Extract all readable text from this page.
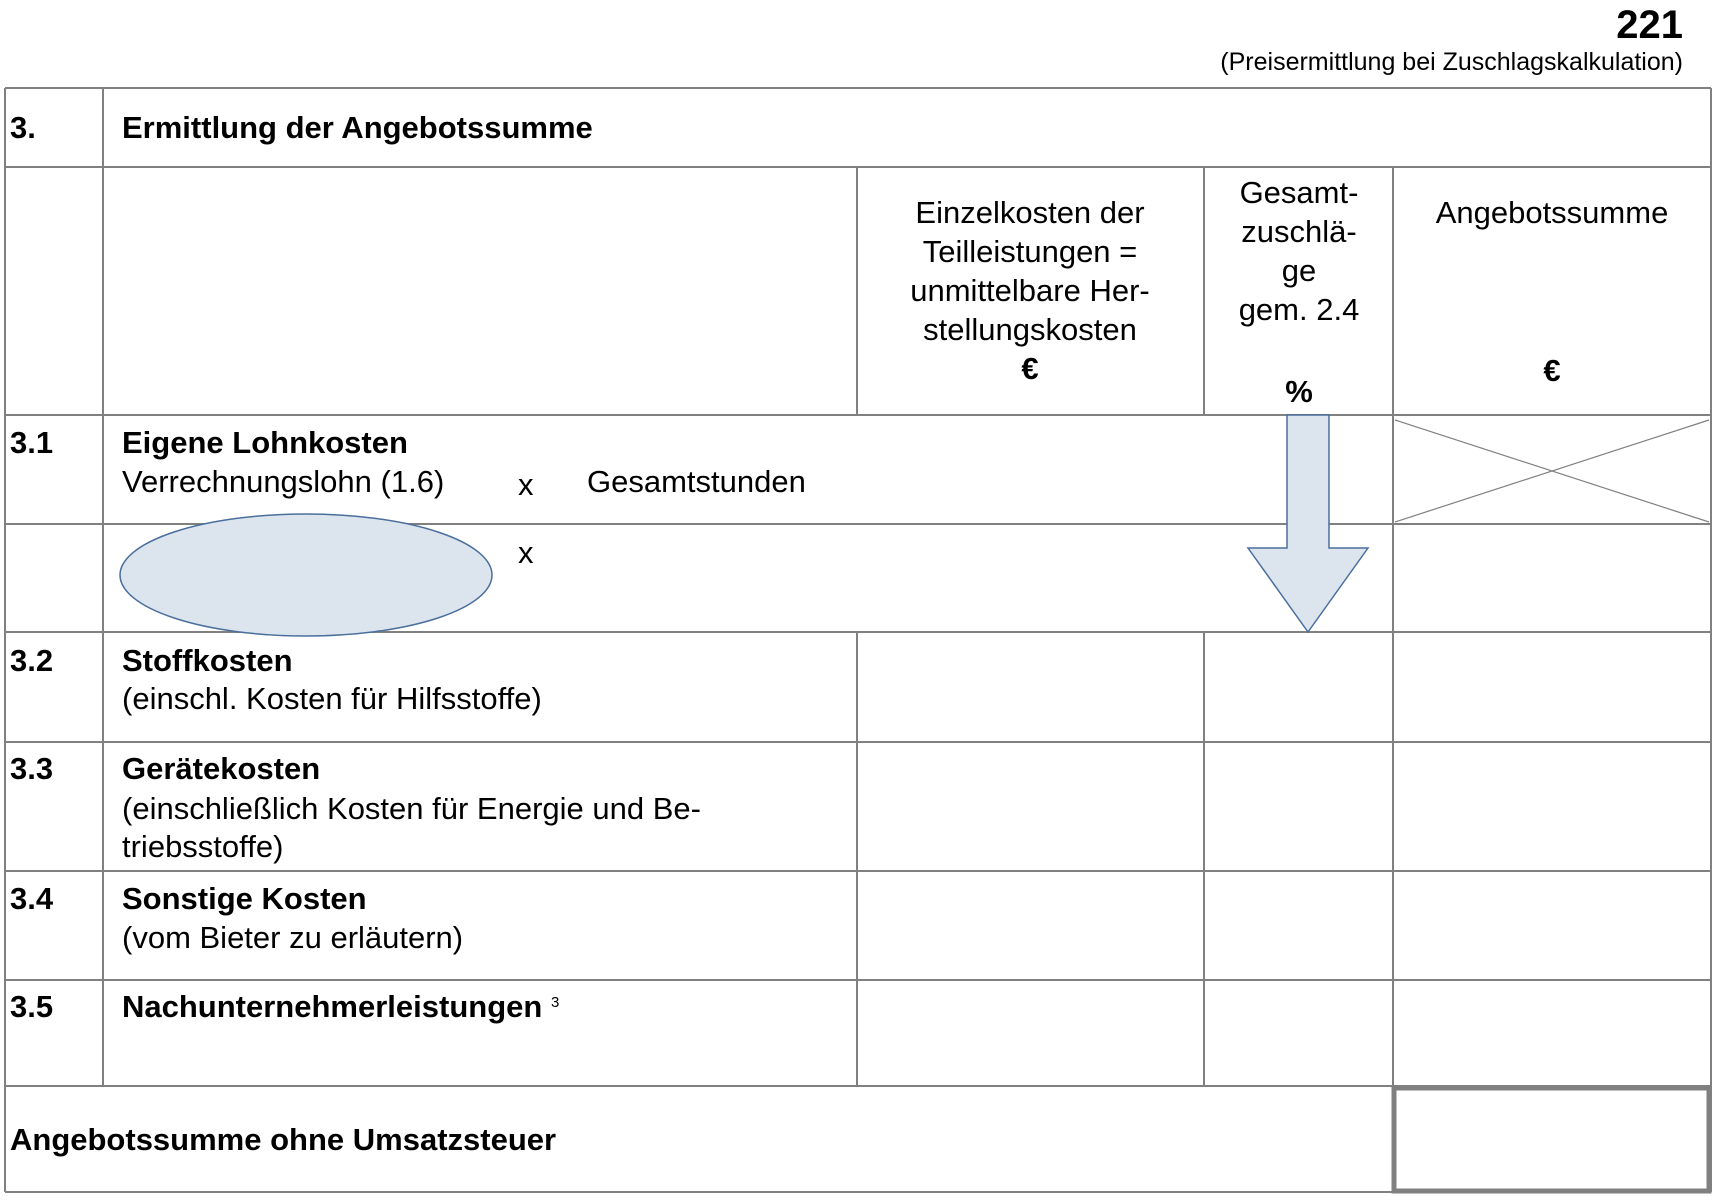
221
(Preisermittlung bei Zuschlagskalkulation)
3.	Ermittlung der Angebotssumme
Einzelkosten der
Teilleistungen =
unmittelbare Her-
stellungskosten
€
Gesamt-
zuschlä-
ge
gem. 2.4
%
Angebotssumme
€
3.1 Eigene Lohnkosten
Verrechnungslohn (1.6) x Gesamtstunden
x
3.2 Stoffkosten
(einschl. Kosten für Hilfsstoffe)
3.3 Gerätekosten
(einschließlich Kosten für Energie und Be-
triebsstoffe)
3.4 Sonstige Kosten
(vom Bieter zu erläutern)
3.5 Nachunternehmerleistungen $^3$
Angebotssumme ohne Umsatzsteuer
